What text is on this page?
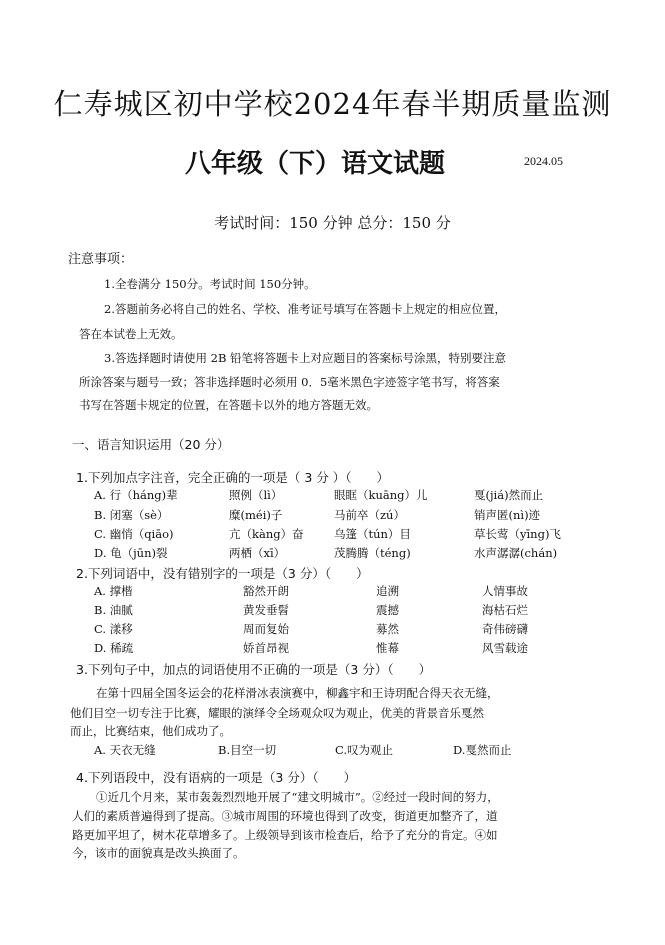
仁寿城区初中学校2024年春半期质量监测
八年级（下）语文试题	2024.05
考试时间：150 分钟 总分：150 分
注意事项：
1.全卷满分 150分。考试时间 150分钟。
2.答题前务必将自己的姓名、学校、准考证号填写在答题卡上规定的相应位置，
答在本试卷上无效。
3.答选择题时请使用 2B 铅笔将答题卡上对应题目的答案标号涂黑，特别要注意
所涂答案与题号一致；答非选择题时必须用 0．5毫米黑色字迹签字笔书写，将答案
书写在答题卡规定的位置，在答题卡以外的地方答题无效。
一、语言知识运用（20 分）
1.下列加点字注音，完全正确的一项是（ 3 分 ）（　　）
A. 行（háng)辈	照例（lì）	眼眶（kuāng）儿	戛(jiá)然而止
B. 闭塞（sè）	糜(méi)子	马前卒（zú）	销声匿(nì)迹
C. 幽悄（qiāo)	亢（kàng）奋	乌篷（tún）目	草长莺（yīng)飞
D. 龟（jūn)裂	两栖（xī）	茂腾腾（téng)	水声潺潺(chán)
2.下列词语中，没有错别字的一项是（3 分）（　　）
A. 撑楷	豁然开朗	追溯	人情事故
B. 油腻	黄发垂髫	震撼	海枯石烂
C. 漾移	周而复始	募然	奇伟磅礴
D. 稀疏	娇首昂视	惟幕	风雪载途
3.下列句子中，加点的词语使用不正确的一项是（3 分）（　　）
在第十四届全国冬运会的花样滑冰表演赛中，柳鑫宇和王诗玥配合得天衣无缝，
他们目空一切专注于比赛，耀眼的演绎令全场观众叹为观止，优美的背景音乐戛然
而止，比赛结束，他们成功了。
A. 天衣无缝	B.目空一切	C.叹为观止	D.戛然而止
4.下列语段中，没有语病的一项是（3 分）（　　）
①近几个月来，某市轰轰烈烈地开展了“建文明城市”。②经过一段时间的努力，
人们的素质普遍得到了提高。③城市周围的环境也得到了改变，街道更加整齐了，道
路更加平坦了，树木花草增多了。上级领导到该市检查后，给予了充分的肯定。④如
今，该市的面貌真是改头换面了。
